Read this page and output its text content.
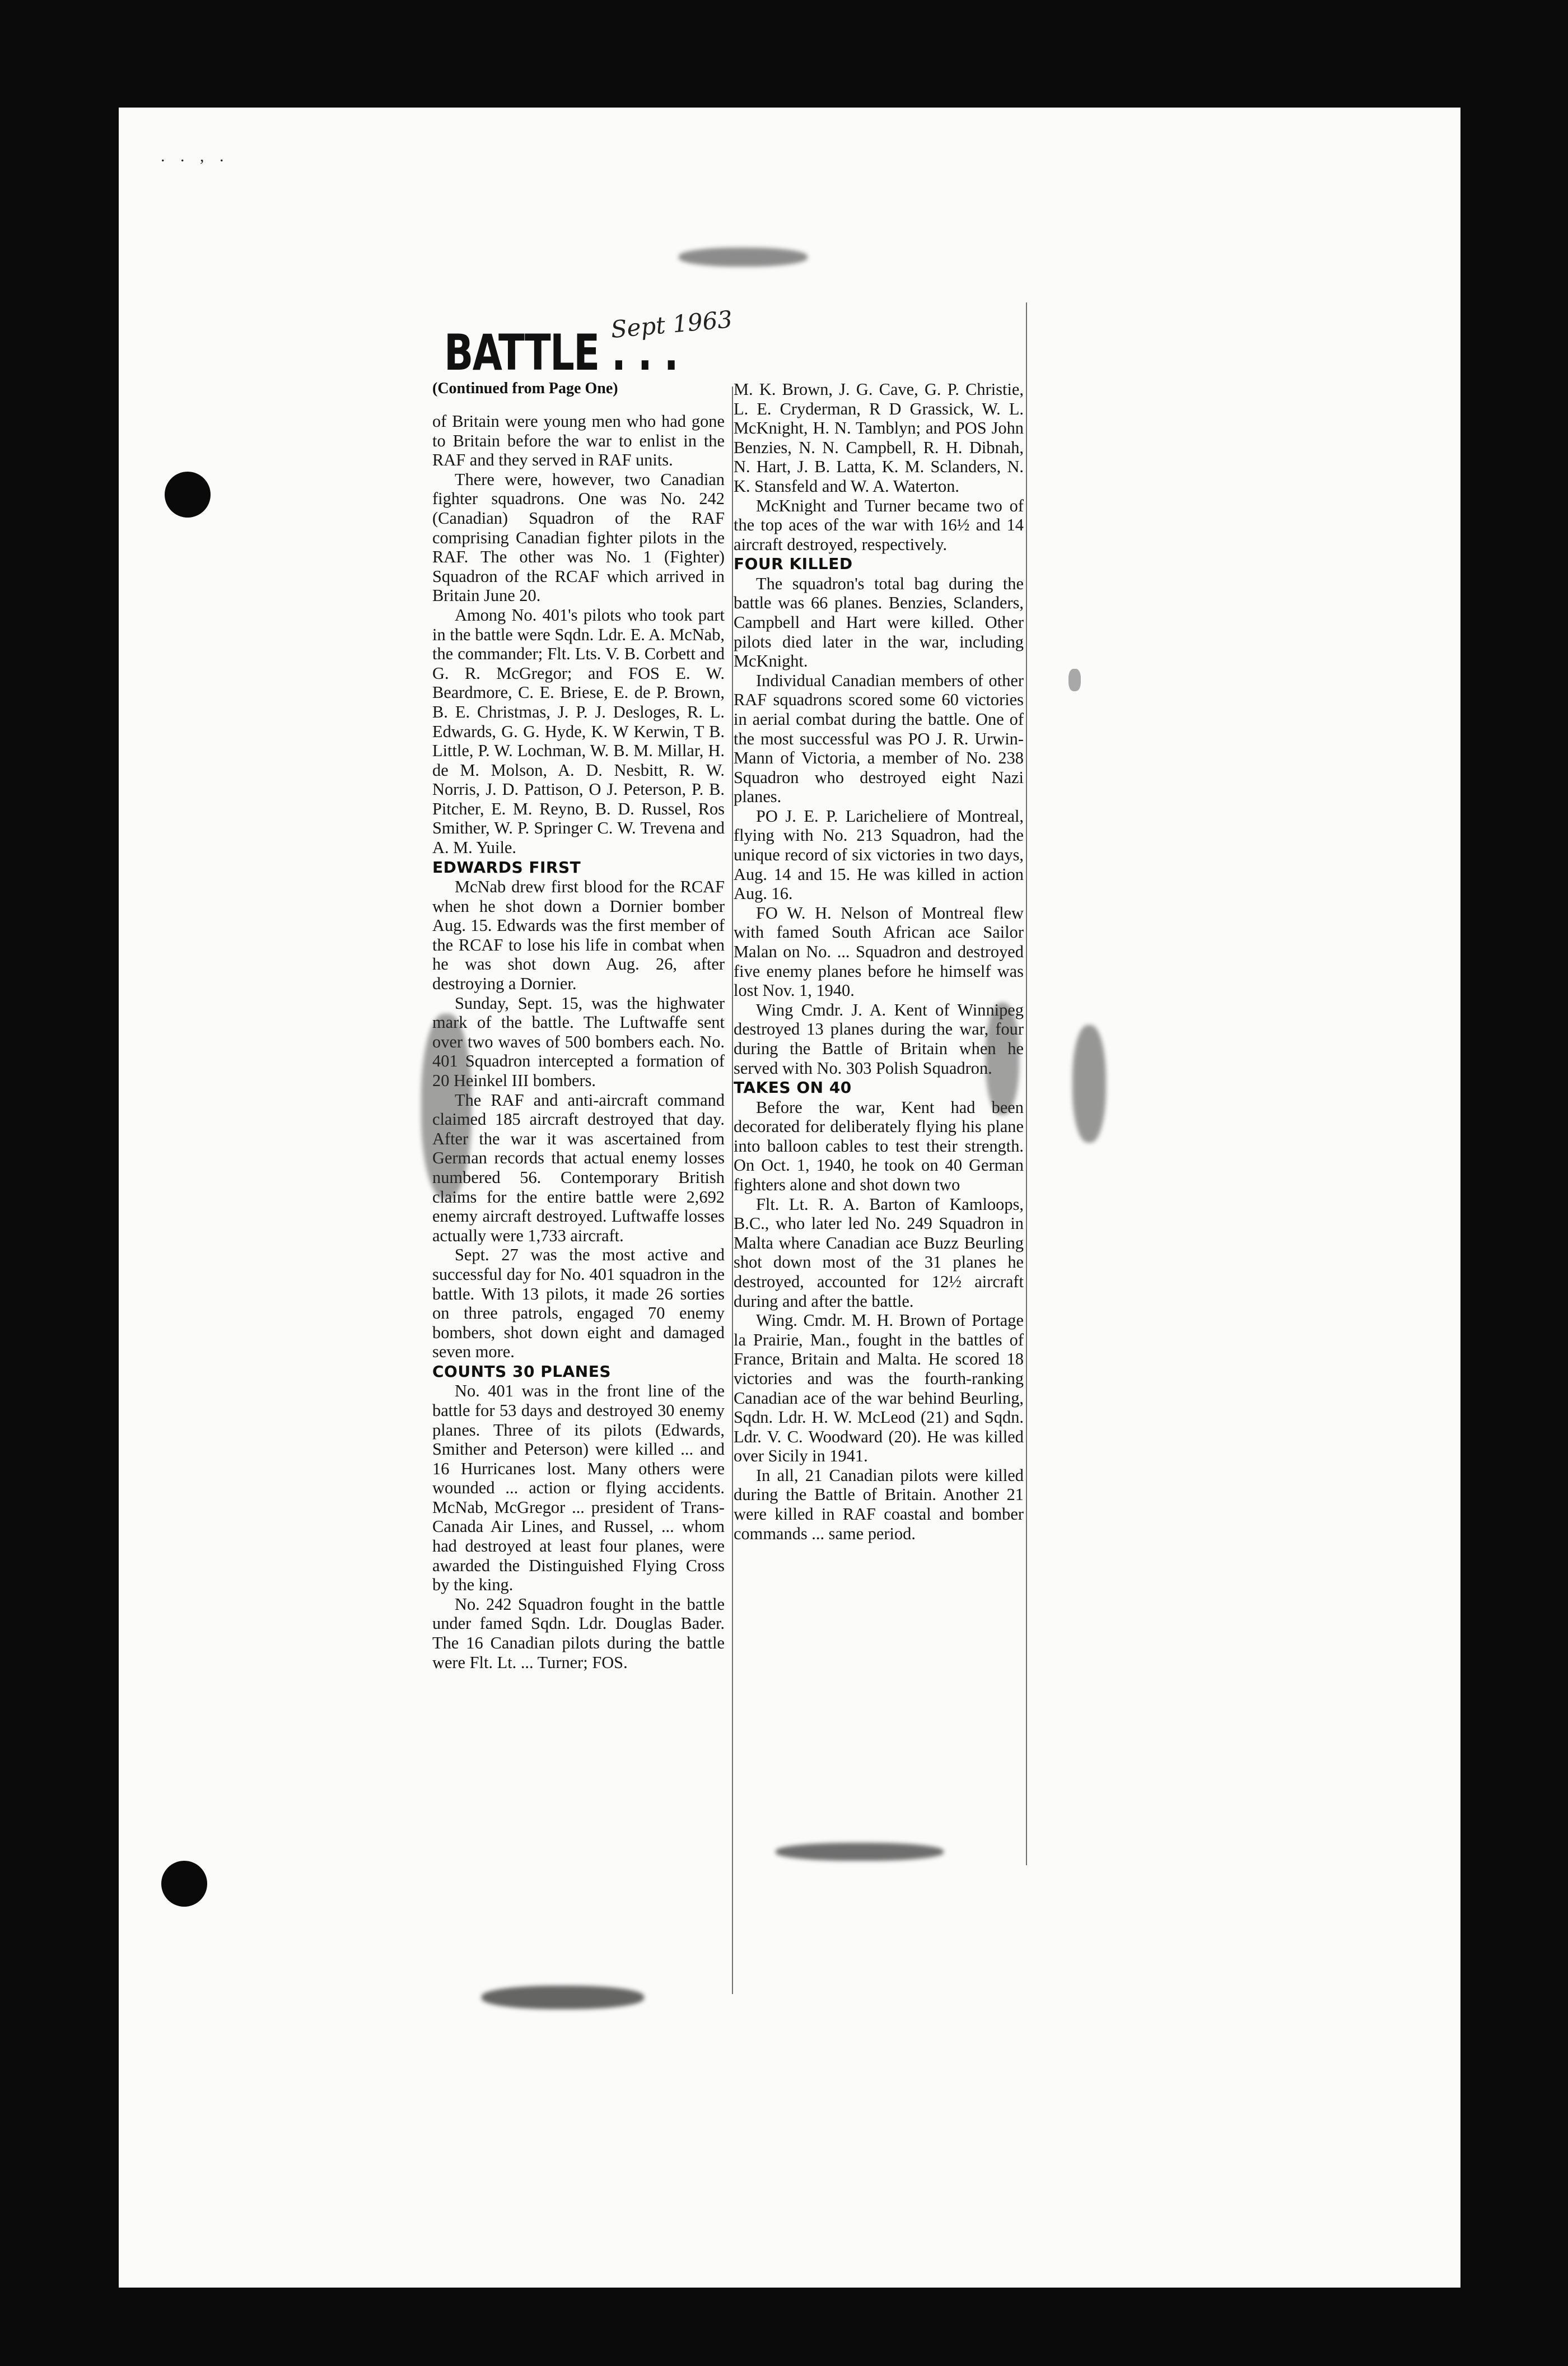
. . , .
BATTLE . . .
Sept 1963
(Continued from Page One)

of Britain were young men who had gone to Britain before the war to enlist in the RAF and they served in RAF units.

There were, however, two Canadian fighter squadrons. One was No. 242 (Canadian) Squadron of the RAF comprising Canadian fighter pilots in the RAF. The other was No. 1 (Fighter) Squadron of the RCAF which arrived in Britain June 20.

Among No. 401's pilots who took part in the battle were Sqdn. Ldr. E. A. McNab, the commander; Flt. Lts. V. B. Corbett and G. R. McGregor; and FOS E. W. Beardmore, C. E. Briese, E. de P. Brown, B. E. Christmas, J. P. J. Desloges, R. L. Edwards, G. G. Hyde, K. W Kerwin, T B. Little, P. W. Lochman, W. B. M. Millar, H. de M. Molson, A. D. Nesbitt, R. W. Norris, J. D. Pattison, O J. Peterson, P. B. Pitcher, E. M. Reyno, B. D. Russel, Ros Smither, W. P. Springer C. W. Trevena and A. M. Yuile.

EDWARDS FIRST

McNab drew first blood for the RCAF when he shot down a Dornier bomber Aug. 15. Edwards was the first member of the RCAF to lose his life in combat when he was shot down Aug. 26, after destroying a Dornier.

Sunday, Sept. 15, was the highwater mark of the battle. The Luftwaffe sent over two waves of 500 bombers each. No. 401 Squadron intercepted a formation of 20 Heinkel III bombers.

The RAF and anti-aircraft command claimed 185 aircraft destroyed that day. After the war it was ascertained from German records that actual enemy losses numbered 56. Contemporary British claims for the entire battle were 2,692 enemy aircraft destroyed. Luftwaffe losses actually were 1,733 aircraft.

Sept. 27 was the most active and successful day for No. 401 squadron in the battle. With 13 pilots, it made 26 sorties on three patrols, engaged 70 enemy bombers, shot down eight and damaged seven more.

COUNTS 30 PLANES

No. 401 was in the front line of the battle for 53 days and destroyed 30 enemy planes. Three of its pilots (Edwards, Smither and Peterson) were killed ... and 16 Hurricanes lost. Many others were wounded ... action or flying accidents. McNab, McGregor ... president of Trans-Canada Air Lines, and Russel, ... whom had destroyed at least four planes, were awarded the Distinguished Flying Cross by the king.

No. 242 Squadron fought in the battle under famed Sqdn. Ldr. Douglas Bader. The 16 Canadian pilots during the battle were Flt. Lt. ... Turner; FOS.

M. K. Brown, J. G. Cave, G. P. Christie, L. E. Cryderman, R D Grassick, W. L. McKnight, H. N. Tamblyn; and POS John Benzies, N. N. Campbell, R. H. Dibnah, N. Hart, J. B. Latta, K. M. Sclanders, N. K. Stansfeld and W. A. Waterton.

McKnight and Turner became two of the top aces of the war with 16½ and 14 aircraft destroyed, respectively.

FOUR KILLED

The squadron's total bag during the battle was 66 planes. Benzies, Sclanders, Campbell and Hart were killed. Other pilots died later in the war, including McKnight.

Individual Canadian members of other RAF squadrons scored some 60 victories in aerial combat during the battle. One of the most successful was PO J. R. Urwin-Mann of Victoria, a member of No. 238 Squadron who destroyed eight Nazi planes.

PO J. E. P. Laricheliere of Montreal, flying with No. 213 Squadron, had the unique record of six victories in two days, Aug. 14 and 15. He was killed in action Aug. 16.

FO W. H. Nelson of Montreal flew with famed South African ace Sailor Malan on No. ... Squadron and destroyed five enemy planes before he himself was lost Nov. 1, 1940.

Wing Cmdr. J. A. Kent of Winnipeg destroyed 13 planes during the war, four during the Battle of Britain when he served with No. 303 Polish Squadron.

TAKES ON 40

Before the war, Kent had been decorated for deliberately flying his plane into balloon cables to test their strength. On Oct. 1, 1940, he took on 40 German fighters alone and shot down two

Flt. Lt. R. A. Barton of Kamloops, B.C., who later led No. 249 Squadron in Malta where Canadian ace Buzz Beurling shot down most of the 31 planes he destroyed, accounted for 12½ aircraft during and after the battle.

Wing. Cmdr. M. H. Brown of Portage la Prairie, Man., fought in the battles of France, Britain and Malta. He scored 18 victories and was the fourth-ranking Canadian ace of the war behind Beurling, Sqdn. Ldr. H. W. McLeod (21) and Sqdn. Ldr. V. C. Woodward (20). He was killed over Sicily in 1941.

In all, 21 Canadian pilots were killed during the Battle of Britain. Another 21 were killed in RAF coastal and bomber commands ... same period.
